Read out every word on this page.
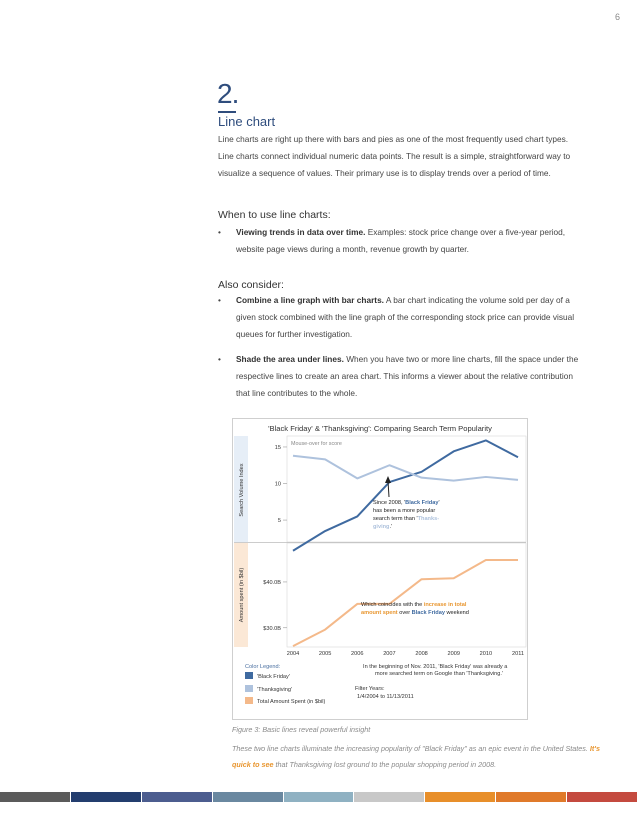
6
2.
Line chart
Line charts are right up there with bars and pies as one of the most frequently used chart types. Line charts connect individual numeric data points. The result is a simple, straightforward way to visualize a sequence of values. Their primary use is to display trends over a period of time.
When to use line charts:
• Viewing trends in data over time. Examples: stock price change over a five-year period, website page views during a month, revenue growth by quarter.
Also consider:
• Combine a line graph with bar charts. A bar chart indicating the volume sold per day of a given stock combined with the line graph of the corresponding stock price can provide visual queues for further investigation.
• Shade the area under lines. When you have two or more line charts, fill the space under the respective lines to create an area chart. This informs a viewer about the relative contribution that line contributes to the whole.
'Black Friday' & 'Thanksgiving': Comparing Search Term Popularity
Search Volume Index
Amount spent (in $bil)
Mouse-over for score
5
10
15
$30.0B
$40.0B
2004	2005	2006	2007	2008	2009	2010	2011
Since 2008, 'Black Friday' has been a more popular search term than 'Thanks- giving.'
Which coincides with the increase in total amount spent over Black Friday weekend
Color Legend:
'Black Friday'
'Thanksgiving'
Total Amount Spent (in $bil)
In the beginning of Nov. 2011, 'Black Friday' was already a more searched term on Google than 'Thanksgiving.'
Filter Years:
1/4/2004 to 11/13/2011
Figure 3: Basic lines reveal powerful insight
These two line charts illuminate the increasing popularity of "Black Friday" as an epic event in the United States. It's quick to see that Thanksgiving lost ground to the popular shopping period in 2008.
